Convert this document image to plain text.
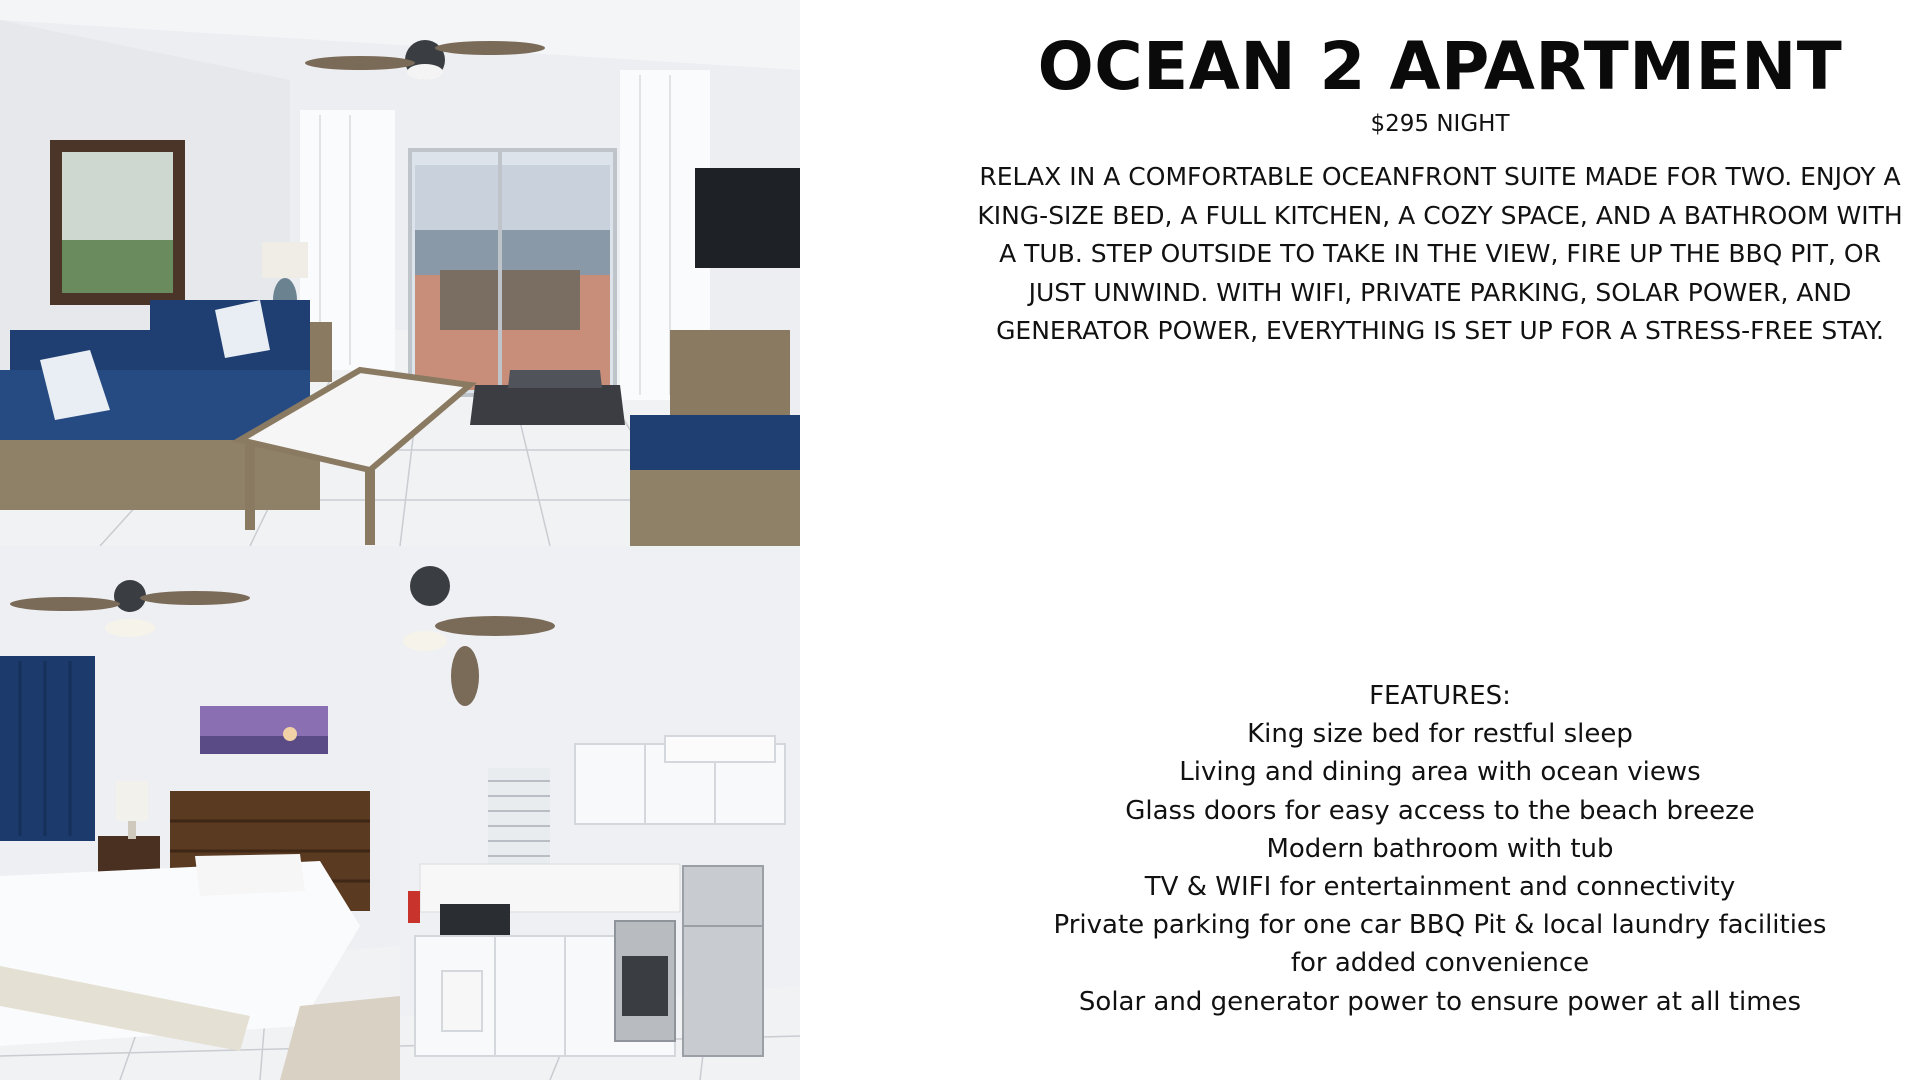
OCEAN 2 APARTMENT
$295 NIGHT

RELAX IN A COMFORTABLE OCEANFRONT SUITE MADE FOR TWO. ENJOY A KING-SIZE BED, A FULL KITCHEN, A COZY SPACE, AND A BATHROOM WITH A TUB. STEP OUTSIDE TO TAKE IN THE VIEW, FIRE UP THE BBQ PIT, OR JUST UNWIND. WITH WIFI, PRIVATE PARKING, SOLAR POWER, AND GENERATOR POWER, EVERYTHING IS SET UP FOR A STRESS-FREE STAY.

FEATURES:
King size bed for restful sleep
Living and dining area with ocean views
Glass doors for easy access to the beach breeze
Modern bathroom with tub
TV & WIFI for entertainment and connectivity
Private parking for one car BBQ Pit & local laundry facilities
for added convenience
Solar and generator power to ensure power at all times
